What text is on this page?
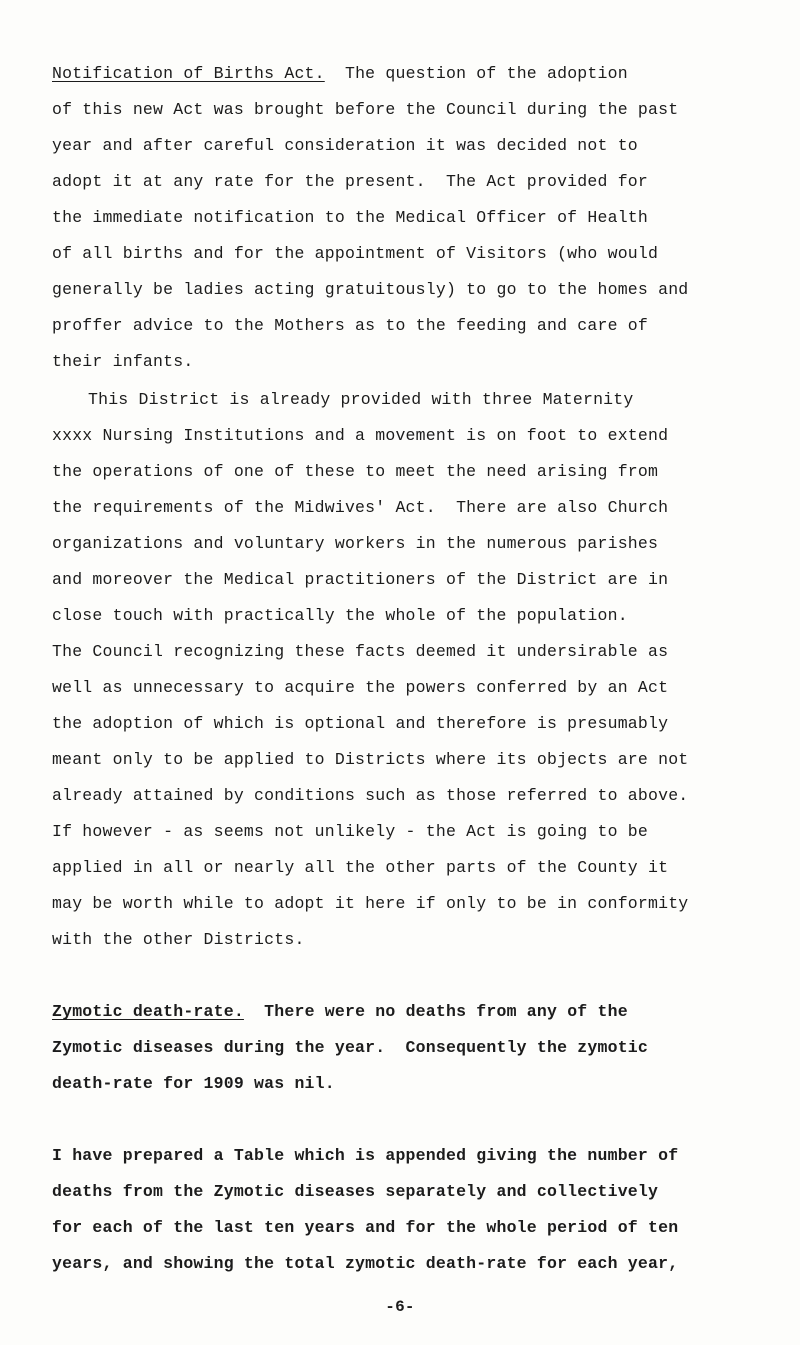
Notification of Births Act. The question of the adoption
of this new Act was brought before the Council during the past
year and after careful consideration it was decided not to
adopt it at any rate for the present.  The Act provided for
the immediate notification to the Medical Officer of Health
of all births and for the appointment of Visitors (who would
generally be ladies acting gratuitously) to go to the homes and
proffer advice to the Mothers as to the feeding and care of
their infants.
This District is already provided with three Maternity
xxxx Nursing Institutions and a movement is on foot to extend
the operations of one of these to meet the need arising from
the requirements of the Midwives' Act.  There are also Church
organizations and voluntary workers in the numerous parishes
and moreover the Medical practitioners of the District are in
close touch with practically the whole of the population.
The Council recognizing these facts deemed it undersirable as
well as unnecessary to acquire the powers conferred by an Act
the adoption of which is optional and therefore is presumably
meant only to be applied to Districts where its objects are not
already attained by conditions such as those referred to above.
If however - as seems not unlikely - the Act is going to be
applied in all or nearly all the other parts of the County it
may be worth while to adopt it here if only to be in conformity
with the other Districts.
Zymotic death-rate. There were no deaths from any of the
Zymotic diseases during the year.  Consequently the zymotic
death-rate for 1909 was nil.
I have prepared a Table which is appended giving the number of
deaths from the Zymotic diseases separately and collectively
for each of the last ten years and for the whole period of ten
years, and showing the total zymotic death-rate for each year,
-6-
